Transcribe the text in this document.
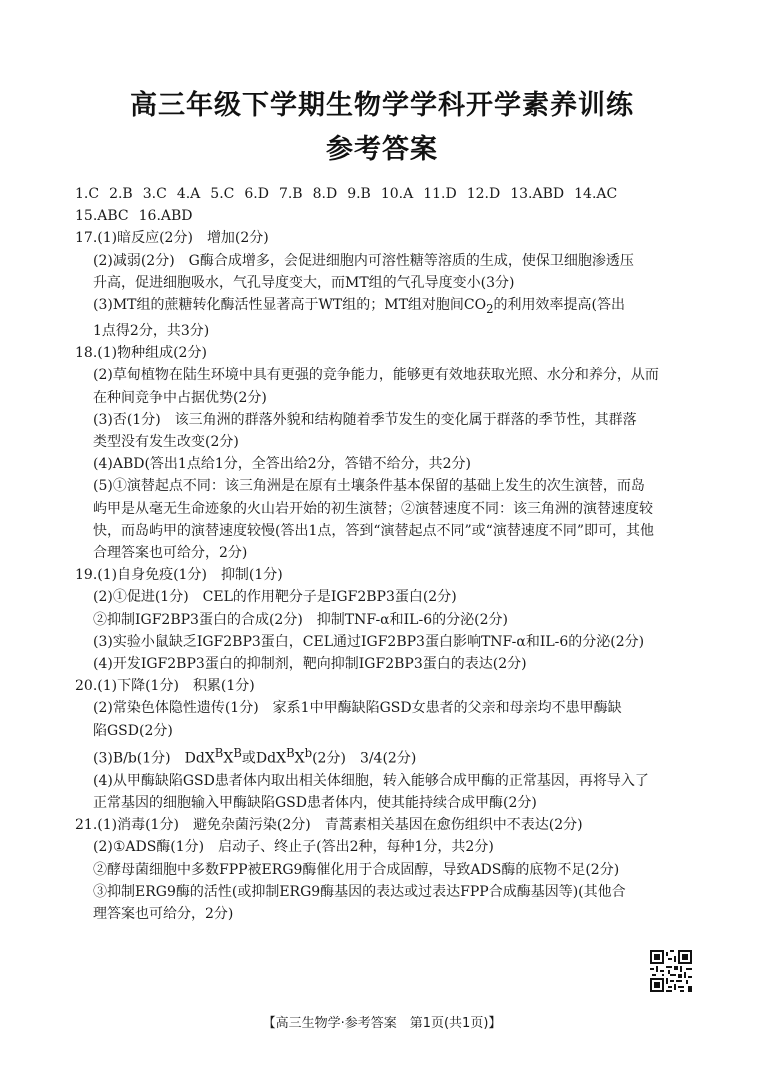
高三年级下学期生物学学科开学素养训练
参考答案
1.C 2.B 3.C 4.A 5.C 6.D 7.B 8.D 9.B 10.A 11.D 12.D 13.ABD 14.AC
15.ABC 16.ABD
17.(1)暗反应(2分) 增加(2分)
(2)减弱(2分) G酶合成增多，会促进细胞内可溶性糖等溶质的生成，使保卫细胞渗透压
升高，促进细胞吸水，气孔导度变大，而MT组的气孔导度变小(3分)
(3)MT组的蔗糖转化酶活性显著高于WT组的；MT组对胞间$CO_2$的利用效率提高(答出
1点得2分，共3分)
18.(1)物种组成(2分)
(2)草甸植物在陆生环境中具有更强的竞争能力，能够更有效地获取光照、水分和养分，从而
在种间竞争中占据优势(2分)
(3)否(1分) 该三角洲的群落外貌和结构随着季节发生的变化属于群落的季节性，其群落
类型没有发生改变(2分)
(4)ABD(答出1点给1分，全答出给2分，答错不给分，共2分)
(5)①演替起点不同：该三角洲是在原有土壤条件基本保留的基础上发生的次生演替，而岛
屿甲是从毫无生命迹象的火山岩开始的初生演替；②演替速度不同：该三角洲的演替速度较
快，而岛屿甲的演替速度较慢(答出1点，答到“演替起点不同”或“演替速度不同”即可，其他
合理答案也可给分，2分)
19.(1)自身免疫(1分) 抑制(1分)
(2)①促进(1分) CEL的作用靶分子是IGF2BP3蛋白(2分)
②抑制IGF2BP3蛋白的合成(2分) 抑制TNF-α和IL-6的分泌(2分)
(3)实验小鼠缺乏IGF2BP3蛋白，CEL通过IGF2BP3蛋白影响TNF-α和IL-6的分泌(2分)
(4)开发IGF2BP3蛋白的抑制剂，靶向抑制IGF2BP3蛋白的表达(2分)
20.(1)下降(1分) 积累(1分)
(2)常染色体隐性遗传(1分) 家系1中甲酶缺陷GSD女患者的父亲和母亲均不患甲酶缺
陷GSD(2分)
(3)B/b(1分) $DdX^BX^B$或$DdX^BX^b(2$分) 3/4(2分)
(4)从甲酶缺陷GSD患者体内取出相关体细胞，转入能够合成甲酶的正常基因，再将导入了
正常基因的细胞输入甲酶缺陷GSD患者体内，使其能持续合成甲酶(2分)
21.(1)消毒(1分) 避免杂菌污染(2分) 青蒿素相关基因在愈伤组织中不表达(2分)
(2)①ADS酶(1分) 启动子、终止子(答出2种，每种1分，共2分)
②酵母菌细胞中多数FPP被ERG9酶催化用于合成固醇，导致ADS酶的底物不足(2分)
③抑制ERG9酶的活性(或抑制ERG9酶基因的表达或过表达FPP合成酶基因等)(其他合
理答案也可给分，2分)
【高三生物学·参考答案　第1页(共1页)】
